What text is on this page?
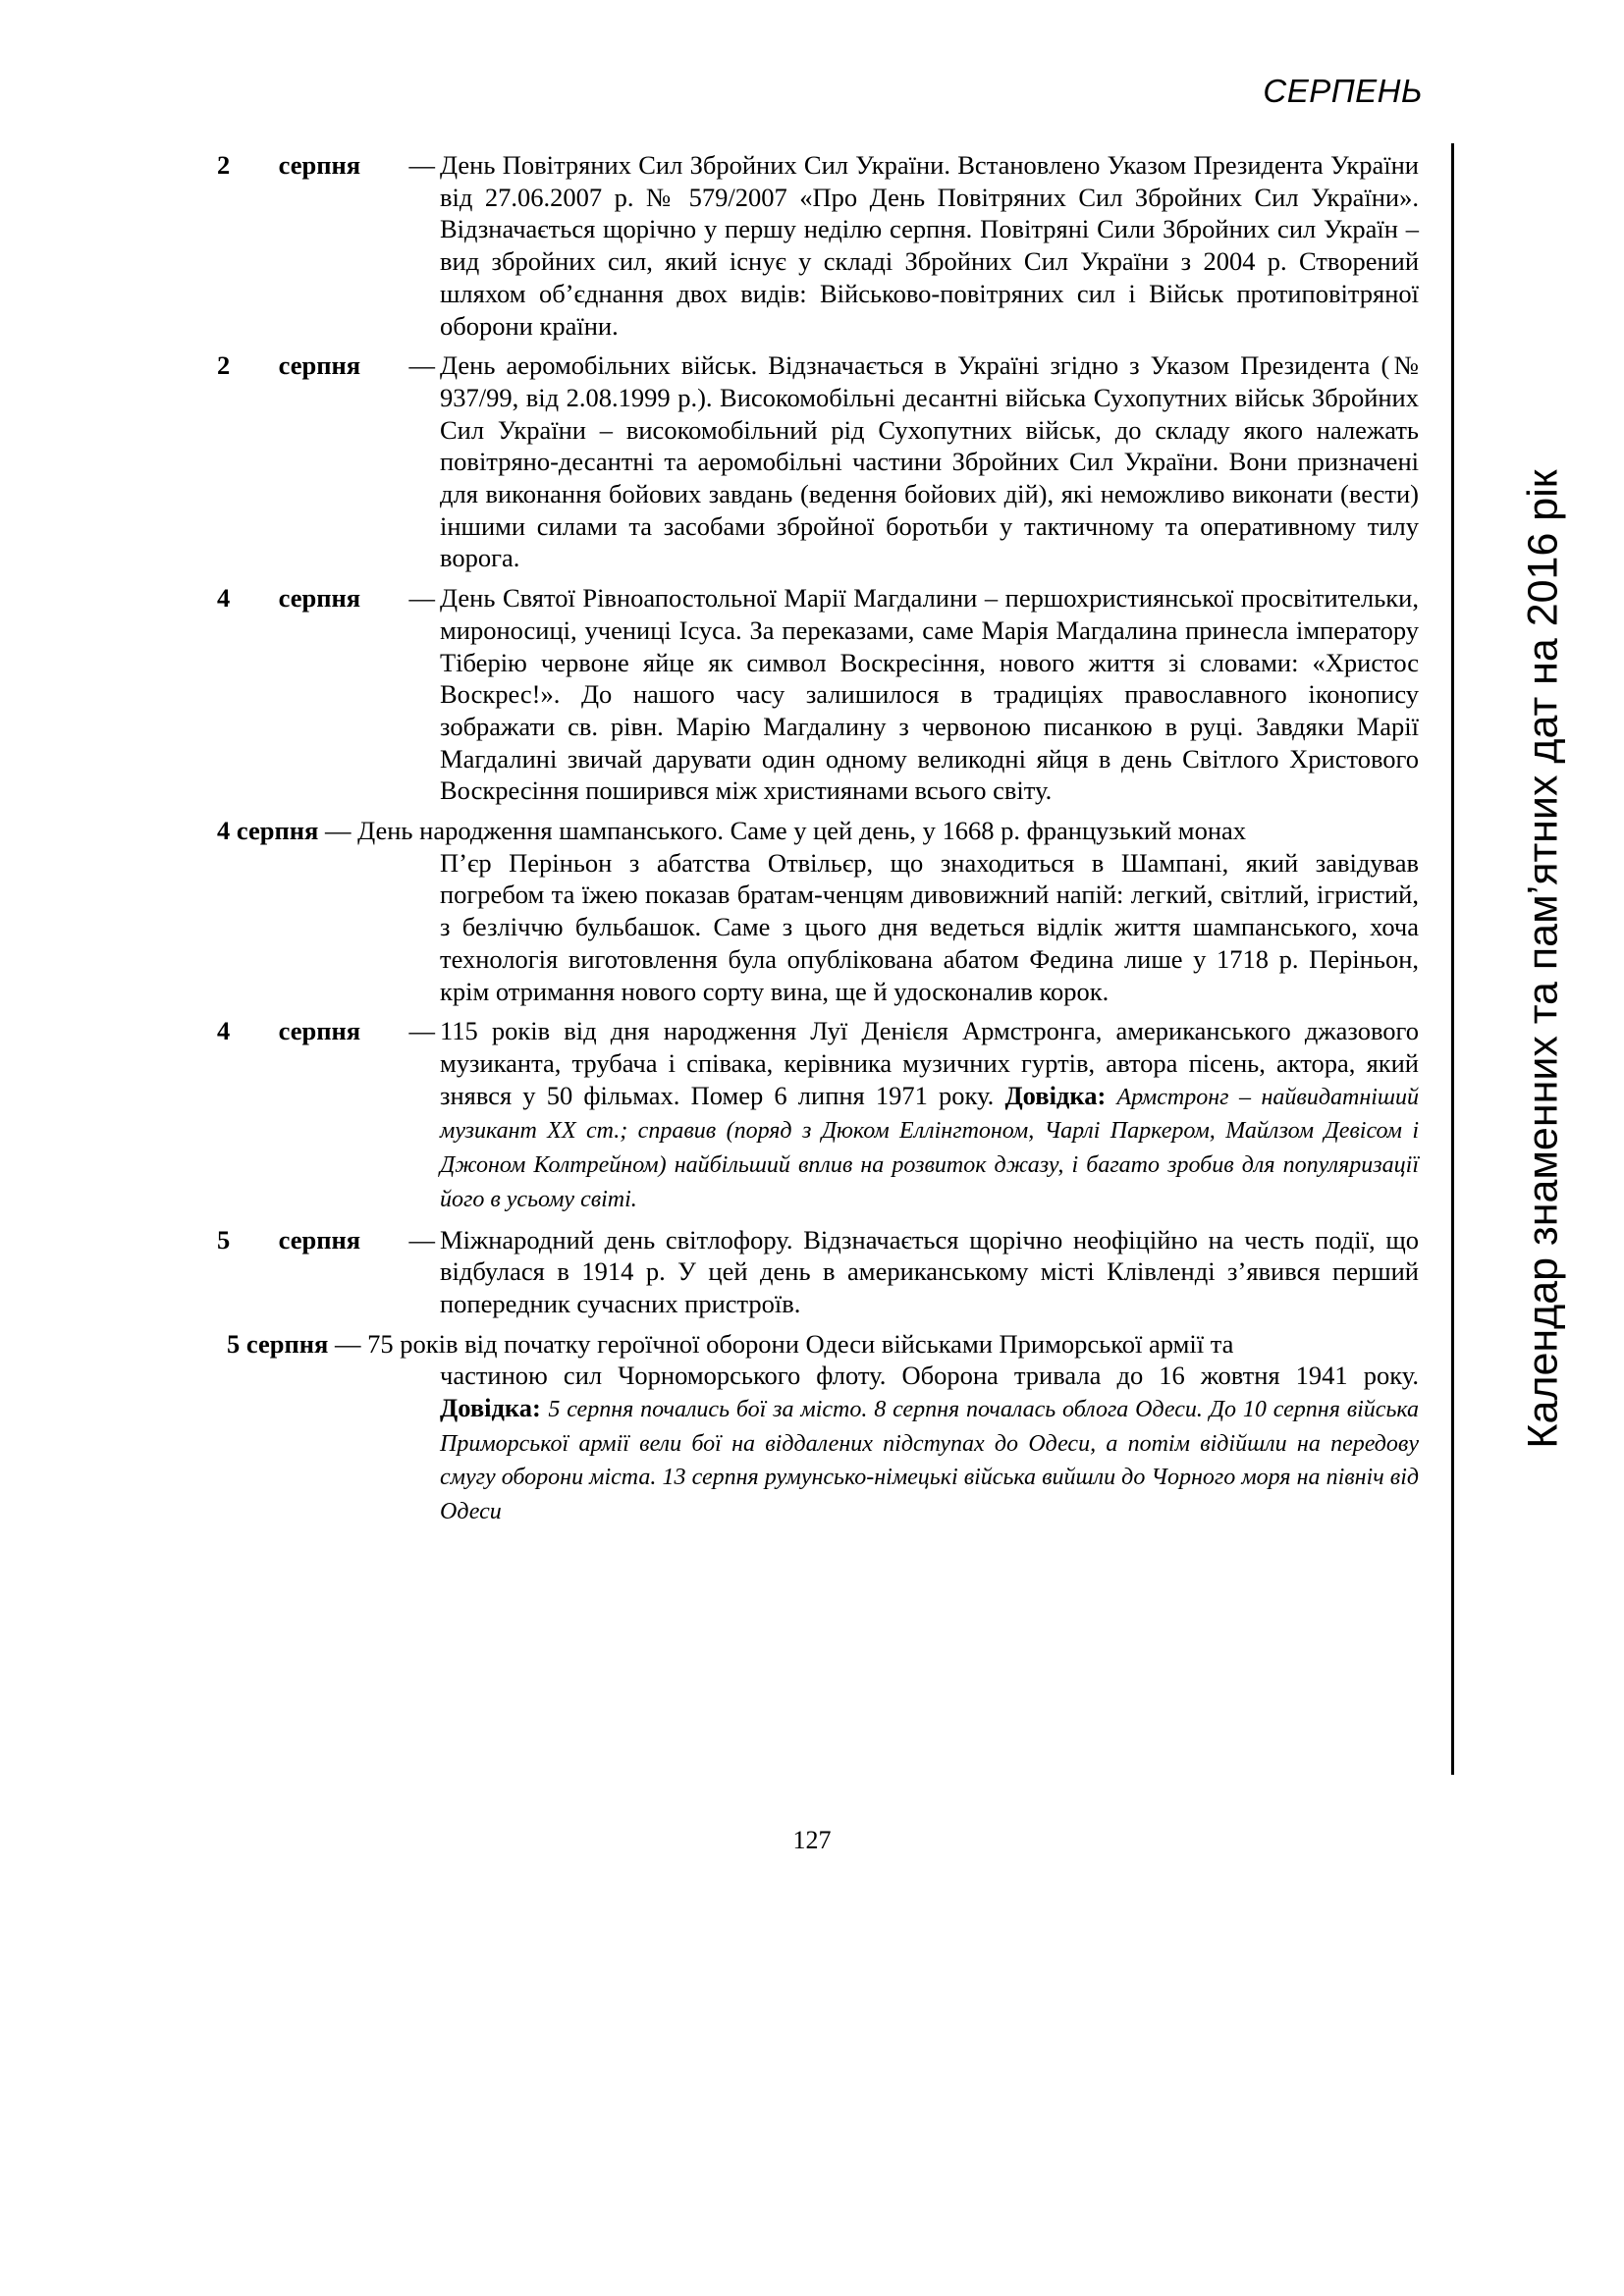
СЕРПЕНЬ
Календар знаменних та пам’ятних дат на 2016 рік
2 серпня — День Повітряних Сил Збройних Сил України. Встановлено Указом Президента України від 27.06.2007 р. № 579/2007 «Про День Повітряних Сил Збройних Сил України». Відзначається щорічно у першу неділю серпня. Повітряні Сили Збройних сил Україн – вид збройних сил, який існує у складі Збройних Сил України з 2004 р. Створений шляхом об’єднання двох видів: Військово-повітряних сил і Військ протиповітряної оборони країни.
2 серпня — День аеромобільних військ. Відзначається в Україні згідно з Указом Президента (№ 937/99, від 2.08.1999 р.). Високомобільні десантні війська Сухопутних військ Збройних Сил України – високомобільний рід Сухопутних військ, до складу якого належать повітряно-десантні та аеромобільні частини Збройних Сил України. Вони призначені для виконання бойових завдань (ведення бойових дій), які неможливо виконати (вести) іншими силами та засобами збройної боротьби у тактичному та оперативному тилу ворога.
4 серпня — День Святої Рівноапостольної Марії Магдалини – першохристиянської просвітительки, мироносиці, учениці Ісуса. За переказами, саме Марія Магдалина принесла імператору Тіберію червоне яйце як символ Воскресіння, нового життя зі словами: «Христос Воскрес!». До нашого часу залишилося в традиціях православного іконопису зображати св. рівн. Марію Магдалину з червоною писанкою в руці. Завдяки Марії Магдалині звичай дарувати один одному великодні яйця в день Світлого Христового Воскресіння поширився між християнами всього світу.
4 серпня — День народження шампанського. Саме у цей день, у 1668 р. французький монах
П’єр Періньон з абатства Отвільєр, що знаходиться в Шампані, який завідував погребом та їжею показав братам-ченцям дивовижний напій: легкий, світлий, ігристий, з безліччю бульбашок. Саме з цього дня ведеться відлік життя шампанського, хоча технологія виготовлення була опублікована абатом Федина лише у 1718 р. Періньон, крім отримання нового сорту вина, ще й удосконалив корок.
4 серпня — 115 років від дня народження Луї Денієля Армстронга, американського джазового музиканта, трубача і співака, керівника музичних гуртів, автора пісень, актора, який знявся у 50 фільмах. Помер 6 липня 1971 року. Довідка: Армстронг – найвидатніший музикант XX ст.; справив (поряд з Дюком Еллінгтоном, Чарлі Паркером, Майлзом Девісом і Джоном Колтрейном) найбільший вплив на розвиток джазу, і багато зробив для популяризації його в усьому світі.
5 серпня — Міжнародний день світлофору. Відзначається щорічно неофіційно на честь події, що відбулася в 1914 р. У цей день в американському місті Клівленді з’явився перший попередник сучасних пристроїв.
5 серпня — 75 років від початку героїчної оборони Одеси військами Приморської армії та
частиною сил Чорноморського флоту. Оборона тривала до 16 жовтня 1941 року. Довідка: 5 серпня почались бої за місто. 8 серпня почалась облога Одеси. До 10 серпня війська Приморської армії вели бої на віддалених підступах до Одеси, а потім відійшли на передову смугу оборони міста. 13 серпня румунсько-німецькі війська вийшли до Чорного моря на північ від Одеси
127
